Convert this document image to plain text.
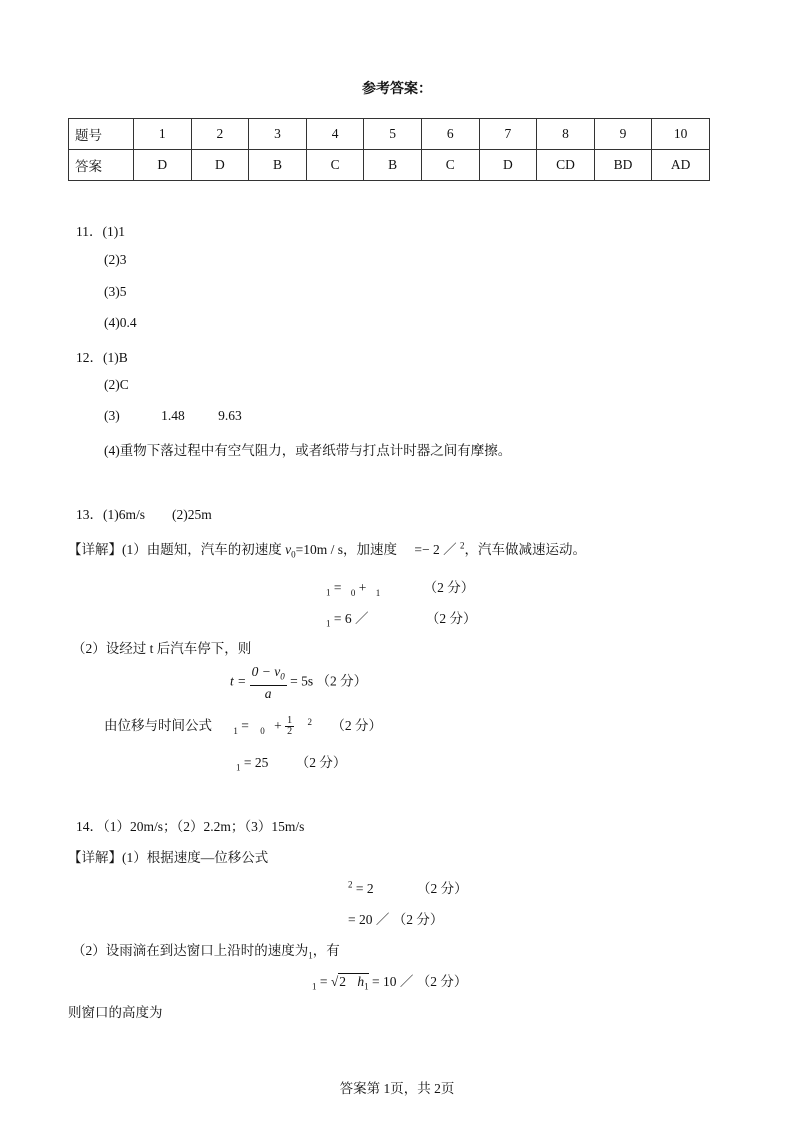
参考答案：
题号	1	2	3	4	5	6	7	8	9	10
答案	D	D	B	C	B	C	D	CD	BD	AD
11．(1)1
(2)3
(3)5
(4)0.4
12．(1)B
(2)C
(3)	1.48 9.63
(4)重物下落过程中有空气阻力，或者纸带与打点计时器之间有摩擦。
13．(1)6m/s　　(2)25m
【详解】(1）由题知，汽车的初速度 $v_0=10m / s$，加速度 =− 2 ／ $^2$，汽车做减速运动。
$_1$ = $_0$ + $_1$	（2 分）
$_1$ = 6 ／	（2 分）
（2）设经过 t 后汽车停下，则
$t = \frac{0 - v_0}{a} = 5s$ （2 分）
由位移与时间公式 $_1 = _0 + \frac{1}{2} ^2$ （2 分）
$_1$ = 25 （2 分）
14．（1）20m/s；（2）2.2m；（3）15m/s
【详解】(1）根据速度—位移公式
$^2$ = 2	（2 分）
= 20 ／ （2 分）
（2）设雨滴在到达窗口上沿时的速度为$_1$，有
$_1$ = √2 $h_1 = 10$ ／ （2 分）
则窗口的高度为
答案第 1页，共 2页
